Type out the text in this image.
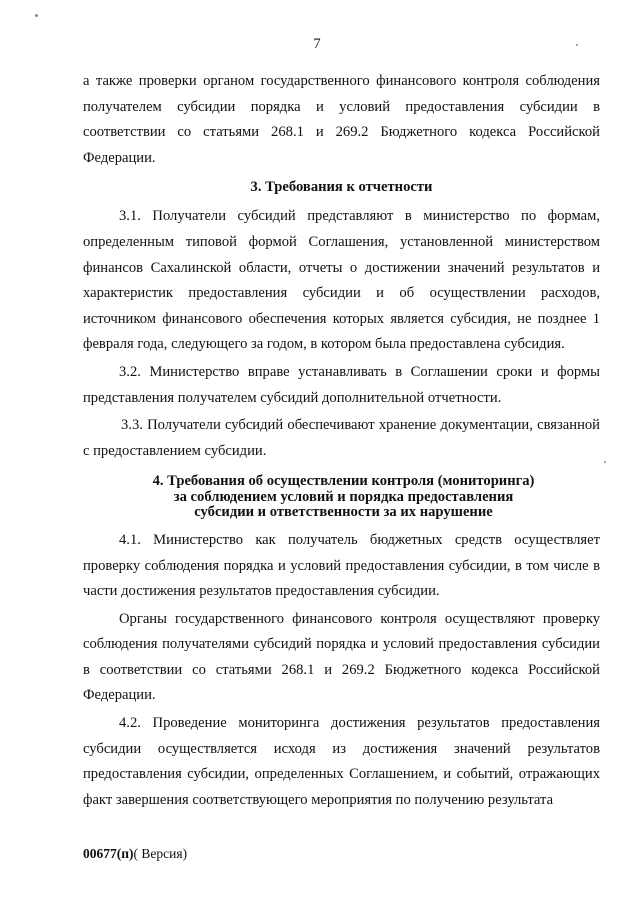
7

а также проверки органом государственного финансового контроля соблюдения получателем субсидии порядка и условий предоставления субсидии в соответствии со статьями 268.1 и 269.2 Бюджетного кодекса Российской Федерации.

3. Требования к отчетности

3.1. Получатели субсидий представляют в министерство по формам, определенным типовой формой Соглашения, установленной министерством финансов Сахалинской области, отчеты о достижении значений результатов и характеристик предоставления субсидии и об осуществлении расходов, источником финансового обеспечения которых является субсидия, не позднее 1 февраля года, следующего за годом, в котором была предоставлена субсидия.

3.2. Министерство вправе устанавливать в Соглашении сроки и формы представления получателем субсидий дополнительной отчетности.

3.3. Получатели субсидий обеспечивают хранение документации, связанной с предоставлением субсидии.

4. Требования об осуществлении контроля (мониторинга)
за соблюдением условий и порядка предоставления
субсидии и ответственности за их нарушение

4.1. Министерство как получатель бюджетных средств осуществляет проверку соблюдения порядка и условий предоставления субсидии, в том числе в части достижения результатов предоставления субсидии.

Органы государственного финансового контроля осуществляют проверку соблюдения получателями субсидий порядка и условий предоставления субсидии в соответствии со статьями 268.1 и 269.2 Бюджетного кодекса Российской Федерации.

4.2. Проведение мониторинга достижения результатов предоставления субсидии осуществляется исходя из достижения значений результатов предоставления субсидии, определенных Соглашением, и событий, отражающих факт завершения соответствующего мероприятия по получению результата

00677(п)( Версия)
